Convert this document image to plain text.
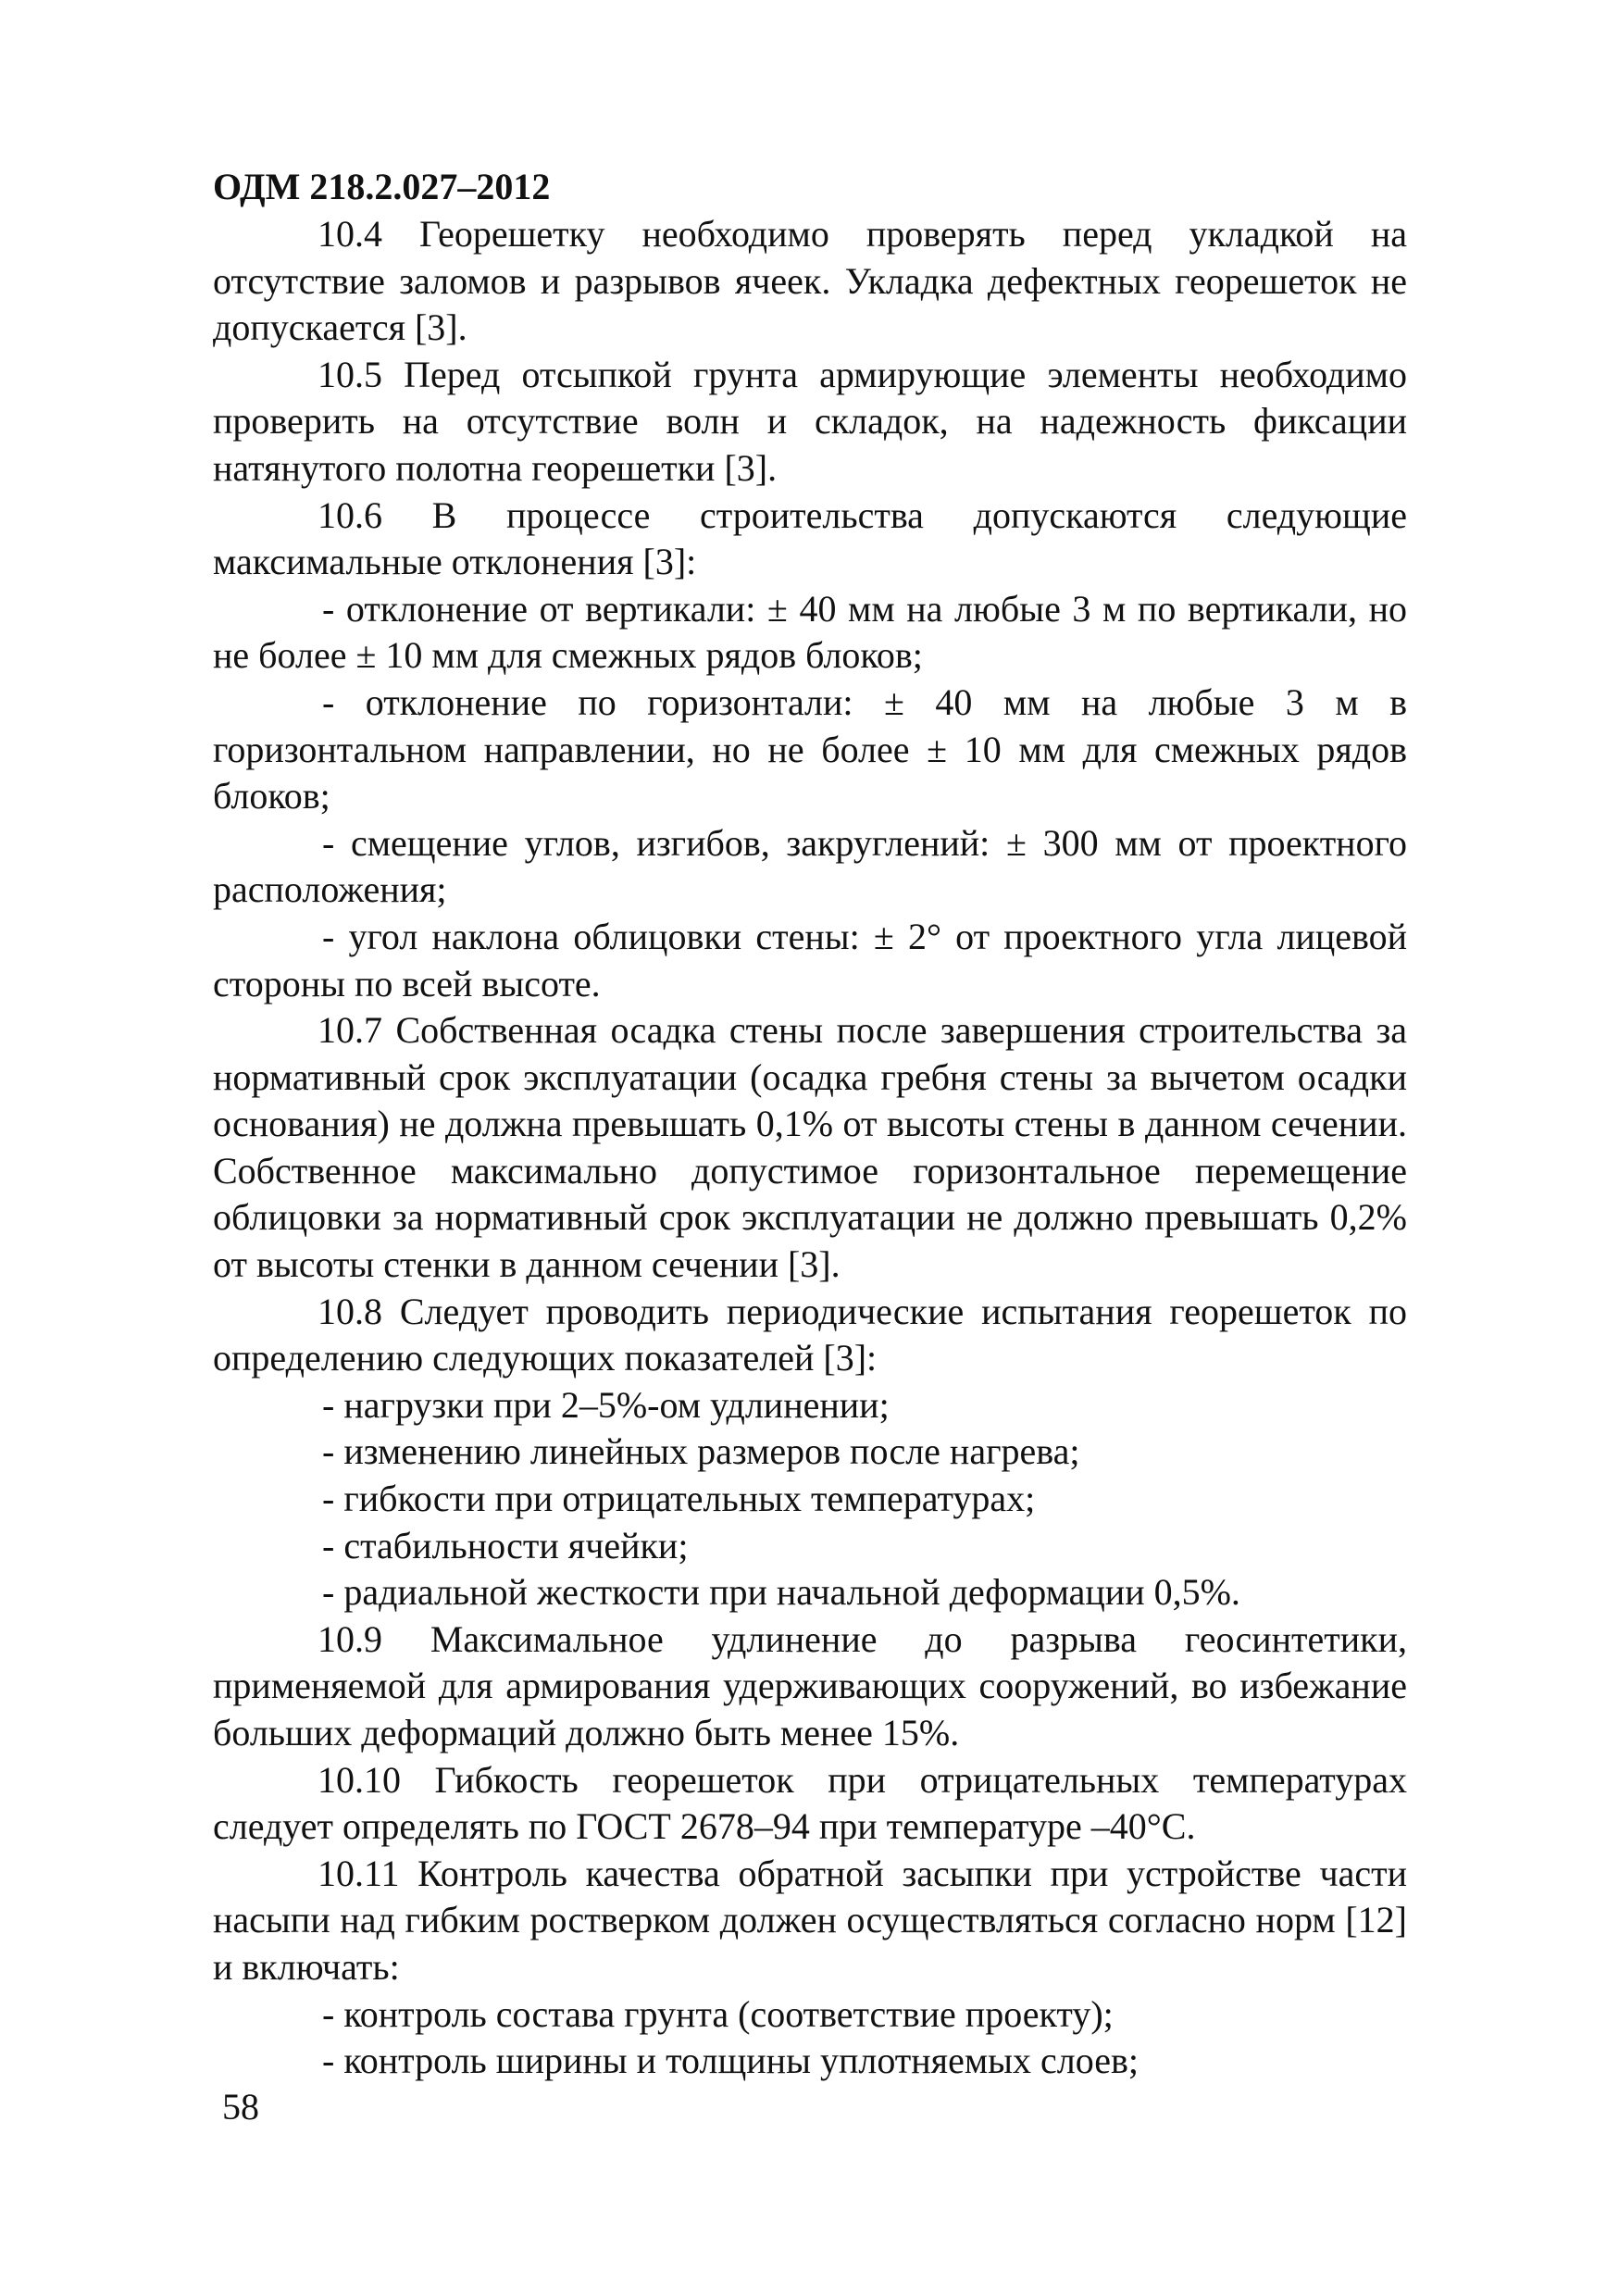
ОДМ 218.2.027–2012

10.4 Георешетку необходимо проверять перед укладкой на отсутствие заломов и разрывов ячеек. Укладка дефектных георешеток не допускается [3].

10.5 Перед отсыпкой грунта армирующие элементы необходимо проверить на отсутствие волн и складок, на надежность фиксации натянутого полотна георешетки [3].

10.6 В процессе строительства допускаются следующие максимальные отклонения [3]:

- отклонение от вертикали: ± 40 мм на любые 3 м по вертикали, но не более ± 10 мм для смежных рядов блоков;

- отклонение по горизонтали: ± 40 мм на любые 3 м в горизонтальном направлении, но не более ± 10 мм для смежных рядов блоков;

- смещение углов, изгибов, закруглений: ± 300 мм от проектного расположения;

- угол наклона облицовки стены: ± 2° от проектного угла лицевой стороны по всей высоте.

10.7 Собственная осадка стены после завершения строительства за нормативный срок эксплуатации (осадка гребня стены за вычетом осадки основания) не должна превышать 0,1% от высоты стены в данном сечении. Собственное максимально допустимое горизонтальное перемещение облицовки за нормативный срок эксплуатации не должно превышать 0,2% от высоты стенки в данном сечении [3].

10.8 Следует проводить периодические испытания георешеток по определению следующих показателей [3]:

- нагрузки при 2–5%-ом удлинении;

- изменению линейных размеров после нагрева;

- гибкости при отрицательных температурах;

- стабильности ячейки;

- радиальной жесткости при начальной деформации 0,5%.

10.9 Максимальное удлинение до разрыва геосинтетики, применяемой для армирования удерживающих сооружений, во избежание больших деформаций должно быть менее 15%.

10.10 Гибкость георешеток при отрицательных температурах следует определять по ГОСТ 2678–94 при температуре –40°С.

10.11 Контроль качества обратной засыпки при устройстве части насыпи над гибким ростверком должен осуществляться согласно норм [12] и включать:

- контроль состава грунта (соответствие проекту);

- контроль ширины и толщины уплотняемых слоев;

58
